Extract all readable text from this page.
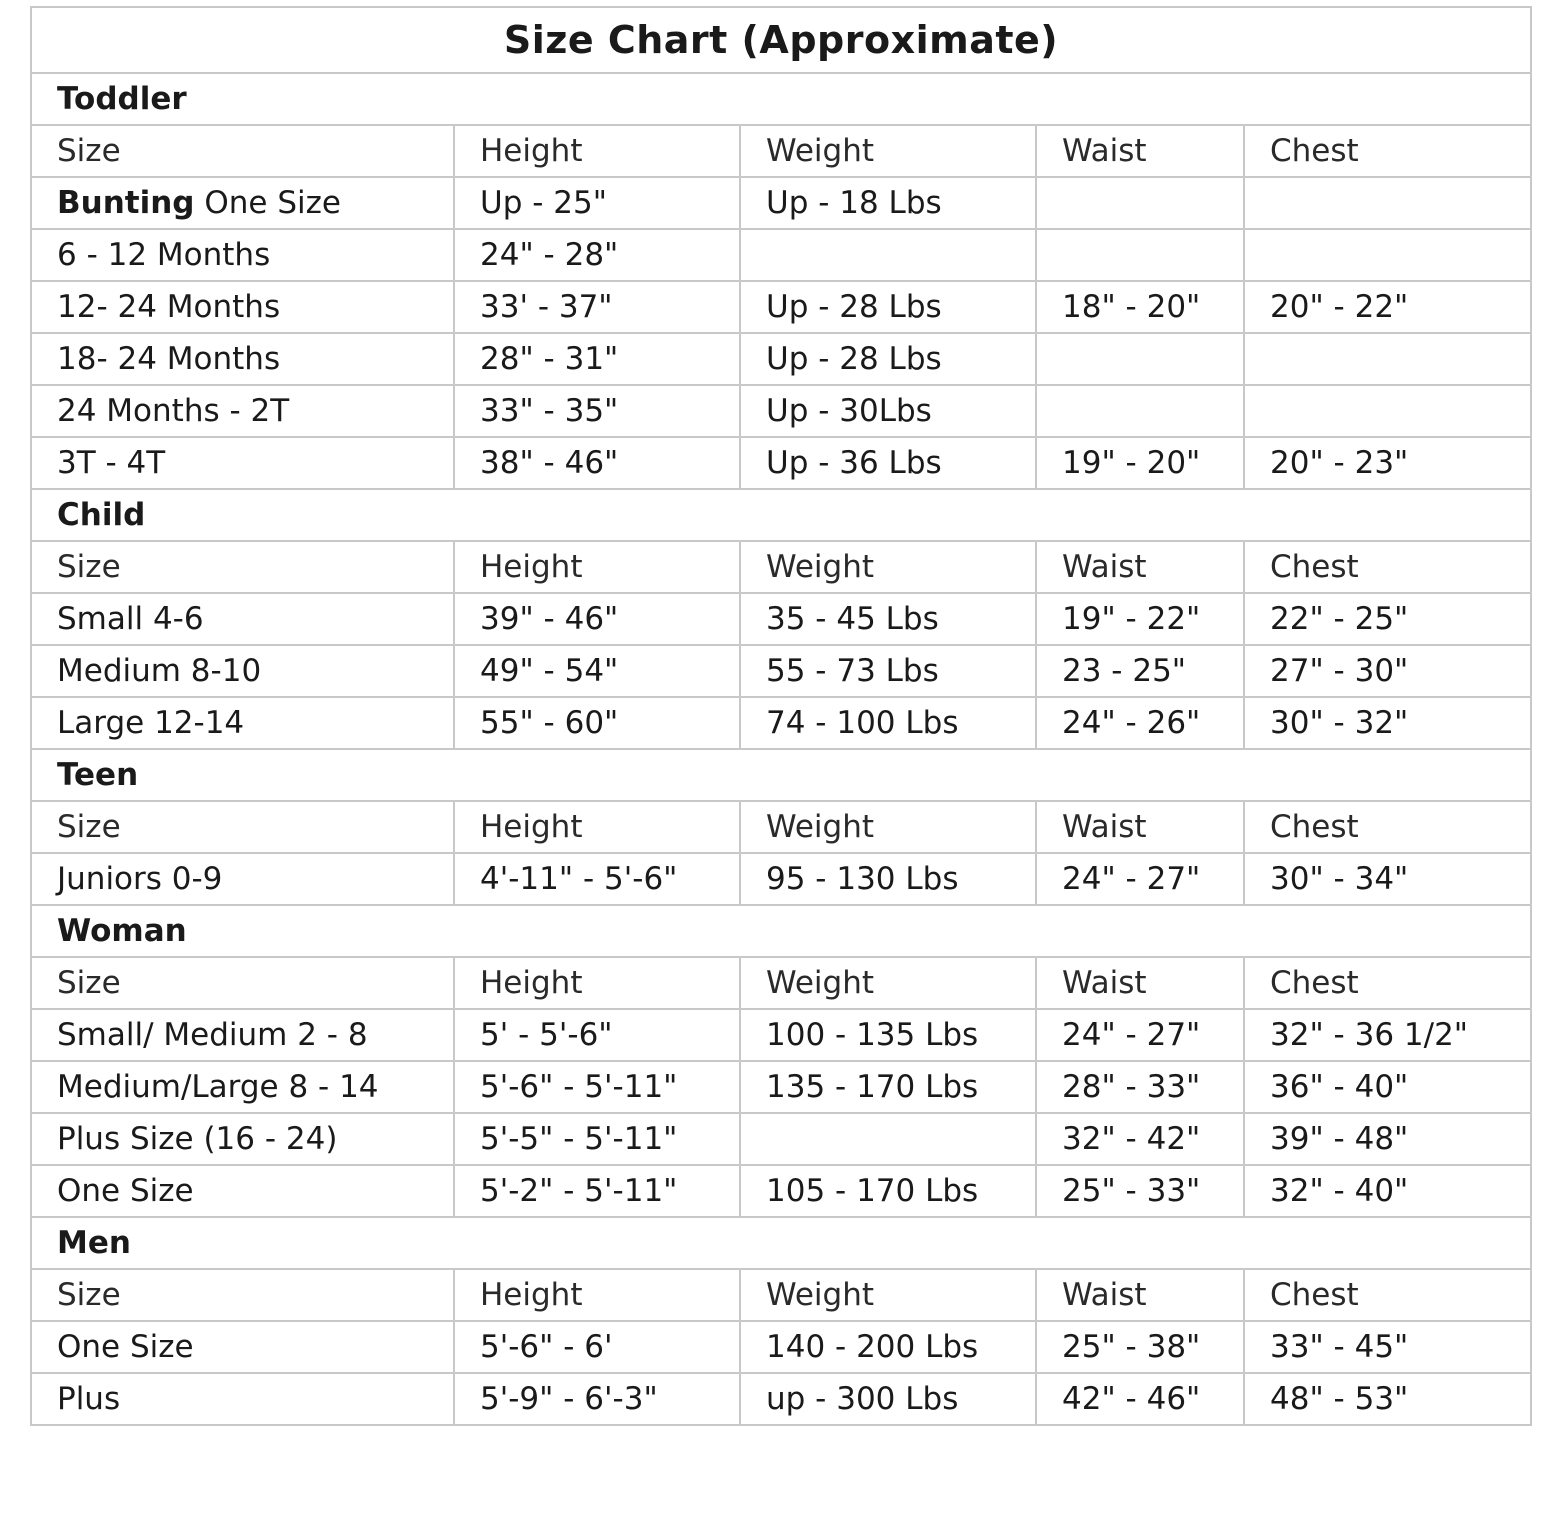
Size Chart (Approximate)				
Toddler				
Size	Height	Weight	Waist	Chest
Bunting One Size	Up - 25"	Up - 18 Lbs		
6 - 12 Months	24" - 28"			
12- 24 Months	33' - 37"	Up - 28 Lbs	18" - 20"	20" - 22"
18- 24 Months	28" - 31"	Up - 28 Lbs		
24 Months - 2T	33" - 35"	Up - 30Lbs		
3T - 4T	38" - 46"	Up - 36 Lbs	19" - 20"	20" - 23"
Child				
Size	Height	Weight	Waist	Chest
Small 4-6	39" - 46"	35 - 45 Lbs	19" - 22"	22" - 25"
Medium 8-10	49" - 54"	55 - 73 Lbs	23 - 25"	27" - 30"
Large 12-14	55" - 60"	74 - 100 Lbs	24" - 26"	30" - 32"
Teen				
Size	Height	Weight	Waist	Chest
Juniors 0-9	4'-11" - 5'-6"	95 - 130 Lbs	24" - 27"	30" - 34"
Woman				
Size	Height	Weight	Waist	Chest
Small/ Medium 2 - 8	5' - 5'-6"	100 - 135 Lbs	24" - 27"	32" - 36 1/2"
Medium/Large 8 - 14	5'-6" - 5'-11"	135 - 170 Lbs	28" - 33"	36" - 40"
Plus Size (16 - 24)	5'-5" - 5'-11"		32" - 42"	39" - 48"
One Size	5'-2" - 5'-11"	105 - 170 Lbs	25" - 33"	32" - 40"
Men				
Size	Height	Weight	Waist	Chest
One Size	5'-6" - 6'	140 - 200 Lbs	25" - 38"	33" - 45"
Plus	5'-9" - 6'-3"	up - 300 Lbs	42" - 46"	48" - 53"
